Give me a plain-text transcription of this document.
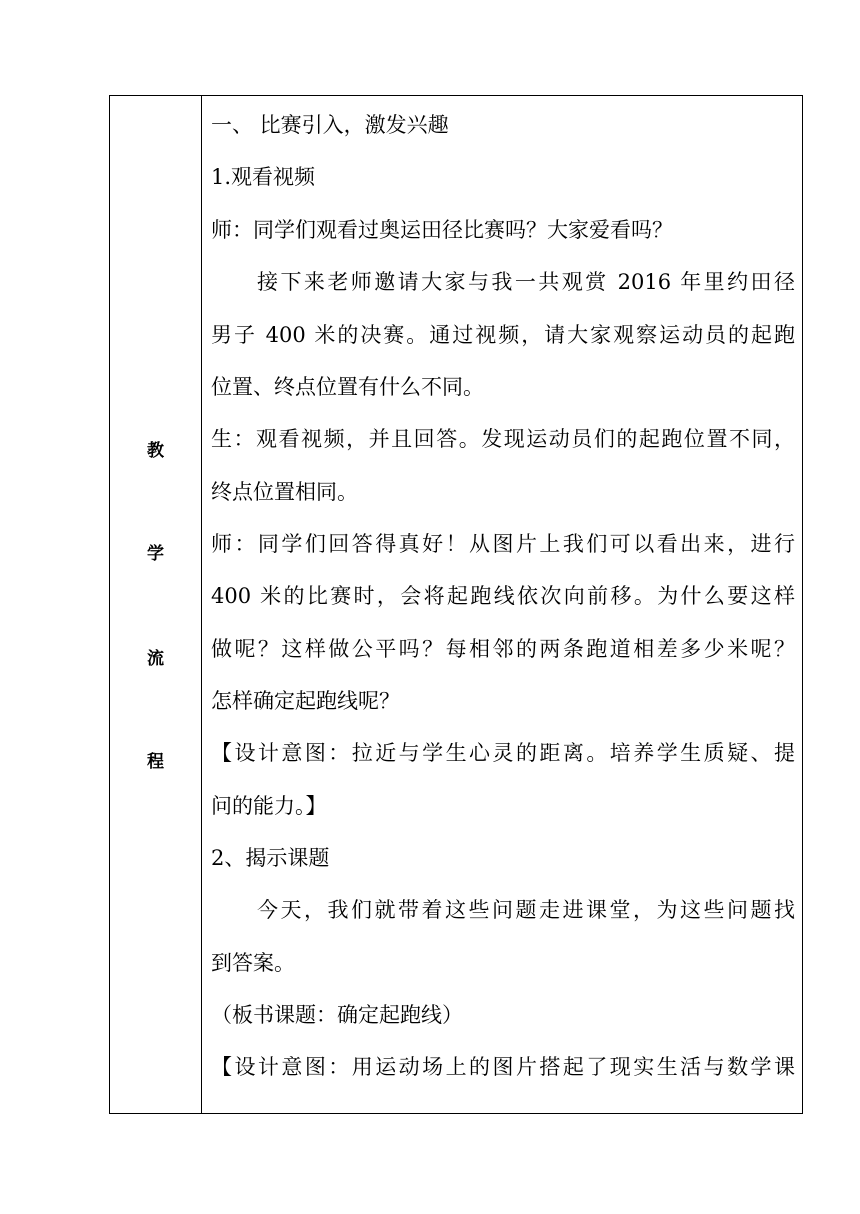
教
学
流
程
一、 比赛引入，激发兴趣
1.观看视频
师：同学们观看过奥运田径比赛吗？大家爱看吗？
接下来老师邀请大家与我一共观赏 2016 年里约田径
男子 400 米的决赛。通过视频，请大家观察运动员的起跑
位置、终点位置有什么不同。
生：观看视频，并且回答。发现运动员们的起跑位置不同，
终点位置相同。
师：同学们回答得真好！从图片上我们可以看出来，进行
400 米的比赛时，会将起跑线依次向前移。为什么要这样
做呢？这样做公平吗？每相邻的两条跑道相差多少米呢？
怎样确定起跑线呢？
【设计意图：拉近与学生心灵的距离。培养学生质疑、提
问的能力。】
2、揭示课题
今天，我们就带着这些问题走进课堂，为这些问题找
到答案。
（板书课题：确定起跑线）
【设计意图：用运动场上的图片搭起了现实生活与数学课
